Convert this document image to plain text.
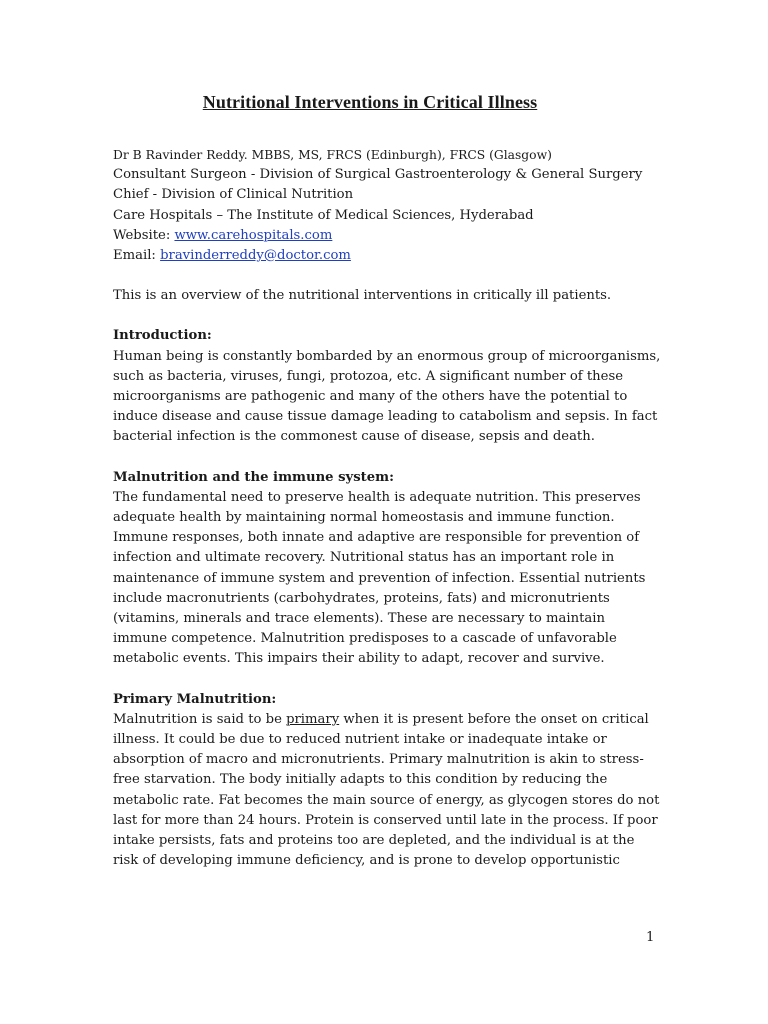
Nutritional Interventions in Critical Illness
Dr B Ravinder Reddy. MBBS, MS, FRCS (Edinburgh), FRCS (Glasgow)
Consultant Surgeon - Division of Surgical Gastroenterology & General Surgery
Chief - Division of Clinical Nutrition
Care Hospitals – The Institute of Medical Sciences, Hyderabad
Website: www.carehospitals.com
Email: bravinderreddy@doctor.com

This is an overview of the nutritional interventions in critically ill patients.

Introduction:

Human being is constantly bombarded by an enormous group of microorganisms, such as bacteria, viruses, fungi, protozoa, etc. A significant number of these microorganisms are pathogenic and many of the others have the potential to induce disease and cause tissue damage leading to catabolism and sepsis. In fact bacterial infection is the commonest cause of disease, sepsis and death.

Malnutrition and the immune system:

The fundamental need to preserve health is adequate nutrition. This preserves adequate health by maintaining normal homeostasis and immune function. Immune responses, both innate and adaptive are responsible for prevention of infection and ultimate recovery. Nutritional status has an important role in maintenance of immune system and prevention of infection. Essential nutrients include macronutrients (carbohydrates, proteins, fats) and micronutrients (vitamins, minerals and trace elements). These are necessary to maintain immune competence. Malnutrition predisposes to a cascade of unfavorable metabolic events. This impairs their ability to adapt, recover and survive.

Primary Malnutrition:

Malnutrition is said to be primary when it is present before the onset on critical illness. It could be due to reduced nutrient intake or inadequate intake or absorption of macro and micronutrients. Primary malnutrition is akin to stress-free starvation. The body initially adapts to this condition by reducing the metabolic rate. Fat becomes the main source of energy, as glycogen stores do not last for more than 24 hours. Protein is conserved until late in the process. If poor intake persists, fats and proteins too are depleted, and the individual is at the risk of developing immune deficiency, and is prone to develop opportunistic

1
